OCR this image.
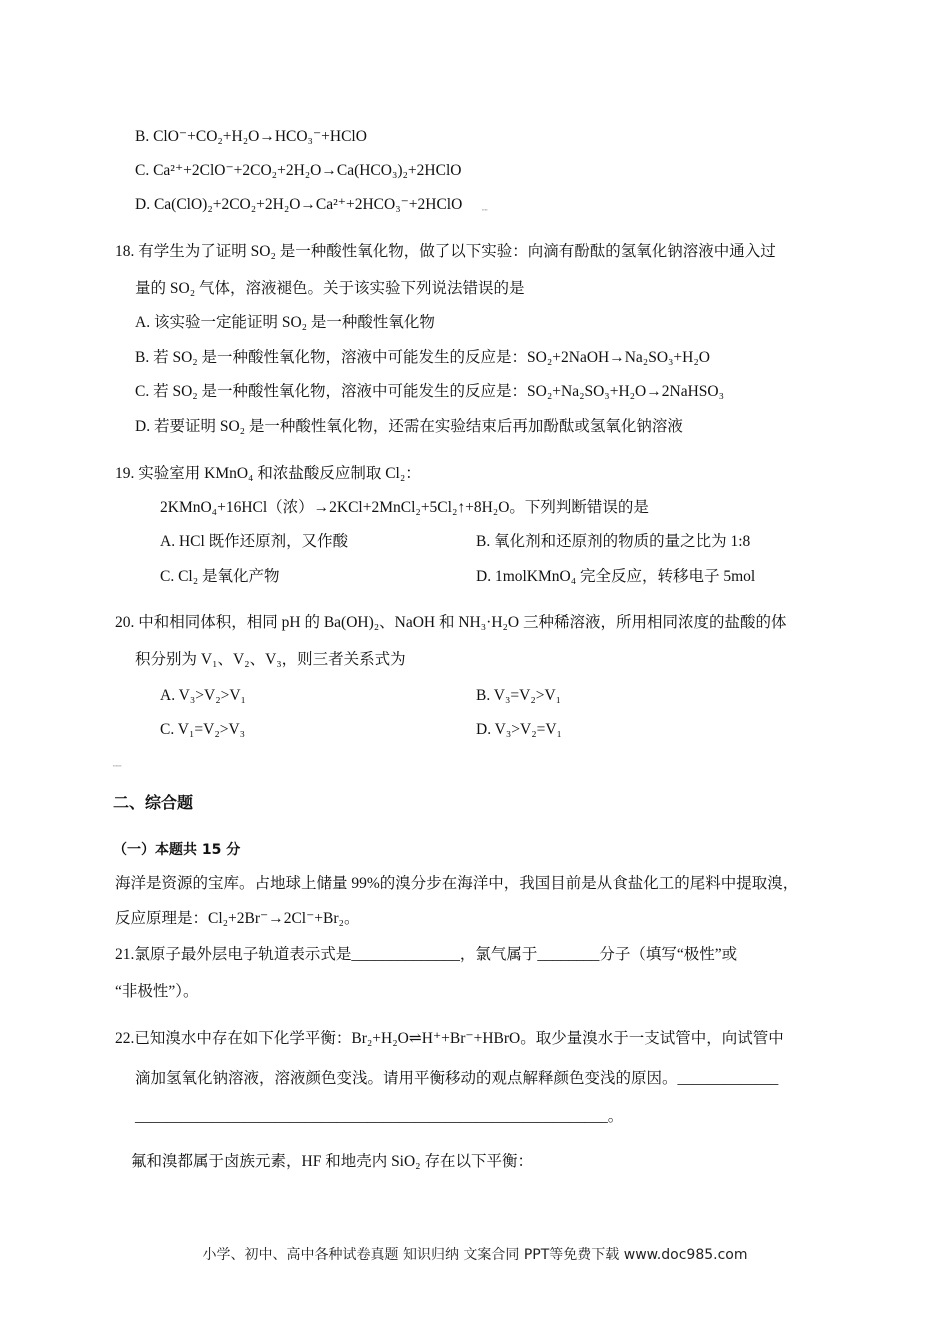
B. ClO⁻+CO₂+H₂O→HCO₃⁻+HClO
C. Ca²⁺+2ClO⁻+2CO₂+2H₂O→Ca(HCO₃)₂+2HClO
D. Ca(ClO)₂+2CO₂+2H₂O→Ca²⁺+2HCO₃⁻+2HClO	▪▪▪▪
18. 有学生为了证明 SO₂ 是一种酸性氧化物，做了以下实验：向滴有酚酞的氢氧化钠溶液中通入过
量的 SO₂ 气体，溶液褪色。关于该实验下列说法错误的是
A. 该实验一定能证明 SO₂ 是一种酸性氧化物
B. 若 SO₂ 是一种酸性氧化物，溶液中可能发生的反应是：SO₂+2NaOH→Na₂SO₃+H₂O
C. 若 SO₂ 是一种酸性氧化物，溶液中可能发生的反应是：SO₂+Na₂SO₃+H₂O→2NaHSO₃
D. 若要证明 SO₂ 是一种酸性氧化物，还需在实验结束后再加酚酞或氢氧化钠溶液
19. 实验室用 KMnO₄ 和浓盐酸反应制取 Cl₂：
2KMnO₄+16HCl（浓）→2KCl+2MnCl₂+5Cl₂↑+8H₂O。下列判断错误的是
A. HCl 既作还原剂，又作酸	B. 氧化剂和还原剂的物质的量之比为 1:8
C. Cl₂ 是氧化产物	D. 1molKMnO₄ 完全反应，转移电子 5mol
20. 中和相同体积，相同 pH 的 Ba(OH)₂、NaOH 和 NH₃·H₂O 三种稀溶液，所用相同浓度的盐酸的体
积分别为 V₁、V₂、V₃，则三者关系式为
A. V₃>V₂>V₁	B. V₃=V₂>V₁
C. V₁=V₂>V₃	D. V₃>V₂=V₁
▪▪▪▪▪▪
二、综合题
（一）本题共 15 分
海洋是资源的宝库。占地球上储量 99%的溴分步在海洋中，我国目前是从食盐化工的尾料中提取溴，
反应原理是：Cl₂+2Br⁻→2Cl⁻+Br₂。
21.氯原子最外层电子轨道表示式是______________，氯气属于________分子（填写“极性”或
“非极性”）。
22.已知溴水中存在如下化学平衡：Br₂+H₂O⇌H⁺+Br⁻+HBrO。取少量溴水于一支试管中，向试管中
滴加氢氧化钠溶液，溶液颜色变浅。请用平衡移动的观点解释颜色变浅的原因。_____________
_____________________________________________________________。
氟和溴都属于卤族元素，HF 和地壳内 SiO₂ 存在以下平衡：
小学、初中、高中各种试卷真题 知识归纳 文案合同 PPT等免费下载 www.doc985.com
